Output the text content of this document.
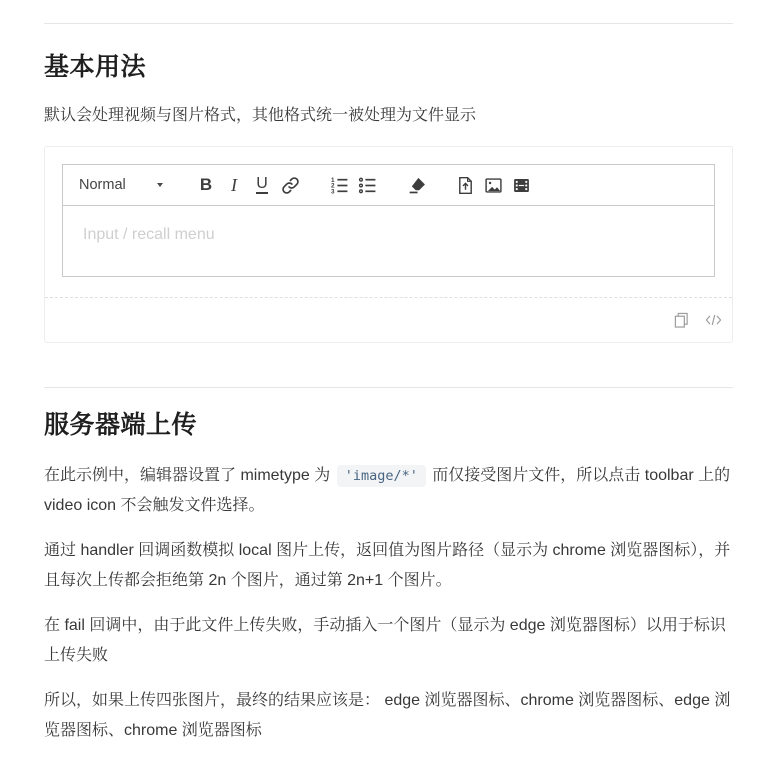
基本用法

默认会处理视频与图片格式，其他格式统一被处理为文件显示

Normal	B I U	1
2
3
Input / recall menu
服务器端上传

在此示例中，编辑器设置了 mimetype 为 'image/*' 而仅接受图片文件，所以点击 toolbar 上的 video icon 不会触发文件选择。

通过 handler 回调函数模拟 local 图片上传，返回值为图片路径（显示为 chrome 浏览器图标），并且每次上传都会拒绝第 2n 个图片，通过第 2n+1 个图片。

在 fail 回调中，由于此文件上传失败，手动插入一个图片（显示为 edge 浏览器图标）以用于标识上传失败

所以，如果上传四张图片，最终的结果应该是： edge 浏览器图标、chrome 浏览器图标、edge 浏览器图标、chrome 浏览器图标
